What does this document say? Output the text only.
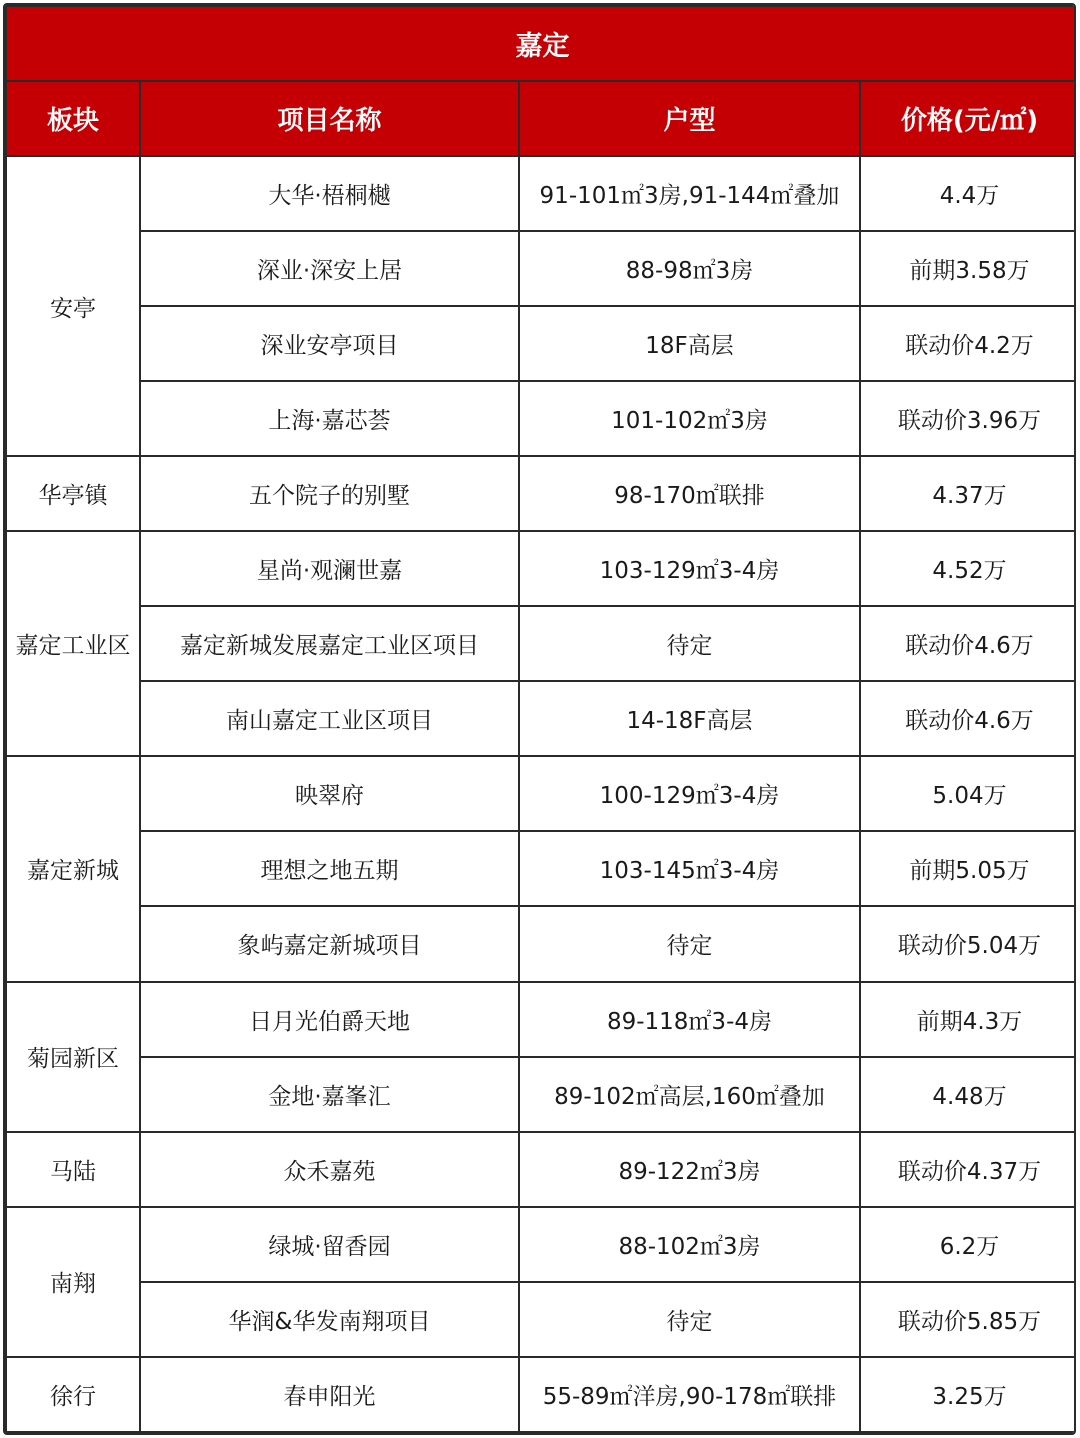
嘉定			
板块	项目名称	户型	价格(元/㎡)
安亭	大华·梧桐樾	91-101㎡3房,91-144㎡叠加	4.4万
	深业·深安上居	88-98㎡3房	前期3.58万
	深业安亭项目	18F高层	联动价4.2万
	上海·嘉芯荟	101-102㎡3房	联动价3.96万
华亭镇	五个院子的别墅	98-170㎡联排	4.37万
嘉定工业区	星尚·观澜世嘉	103-129㎡3-4房	4.52万
	嘉定新城发展嘉定工业区项目	待定	联动价4.6万
	南山嘉定工业区项目	14-18F高层	联动价4.6万
嘉定新城	映翠府	100-129㎡3-4房	5.04万
	理想之地五期	103-145㎡3-4房	前期5.05万
	象屿嘉定新城项目	待定	联动价5.04万
菊园新区	日月光伯爵天地	89-118㎡3-4房	前期4.3万
	金地·嘉峯汇	89-102㎡高层,160㎡叠加	4.48万
马陆	众禾嘉苑	89-122㎡3房	联动价4.37万
南翔	绿城·留香园	88-102㎡3房	6.2万
	华润&华发南翔项目	待定	联动价5.85万
徐行	春申阳光	55-89㎡洋房,90-178㎡联排	3.25万
